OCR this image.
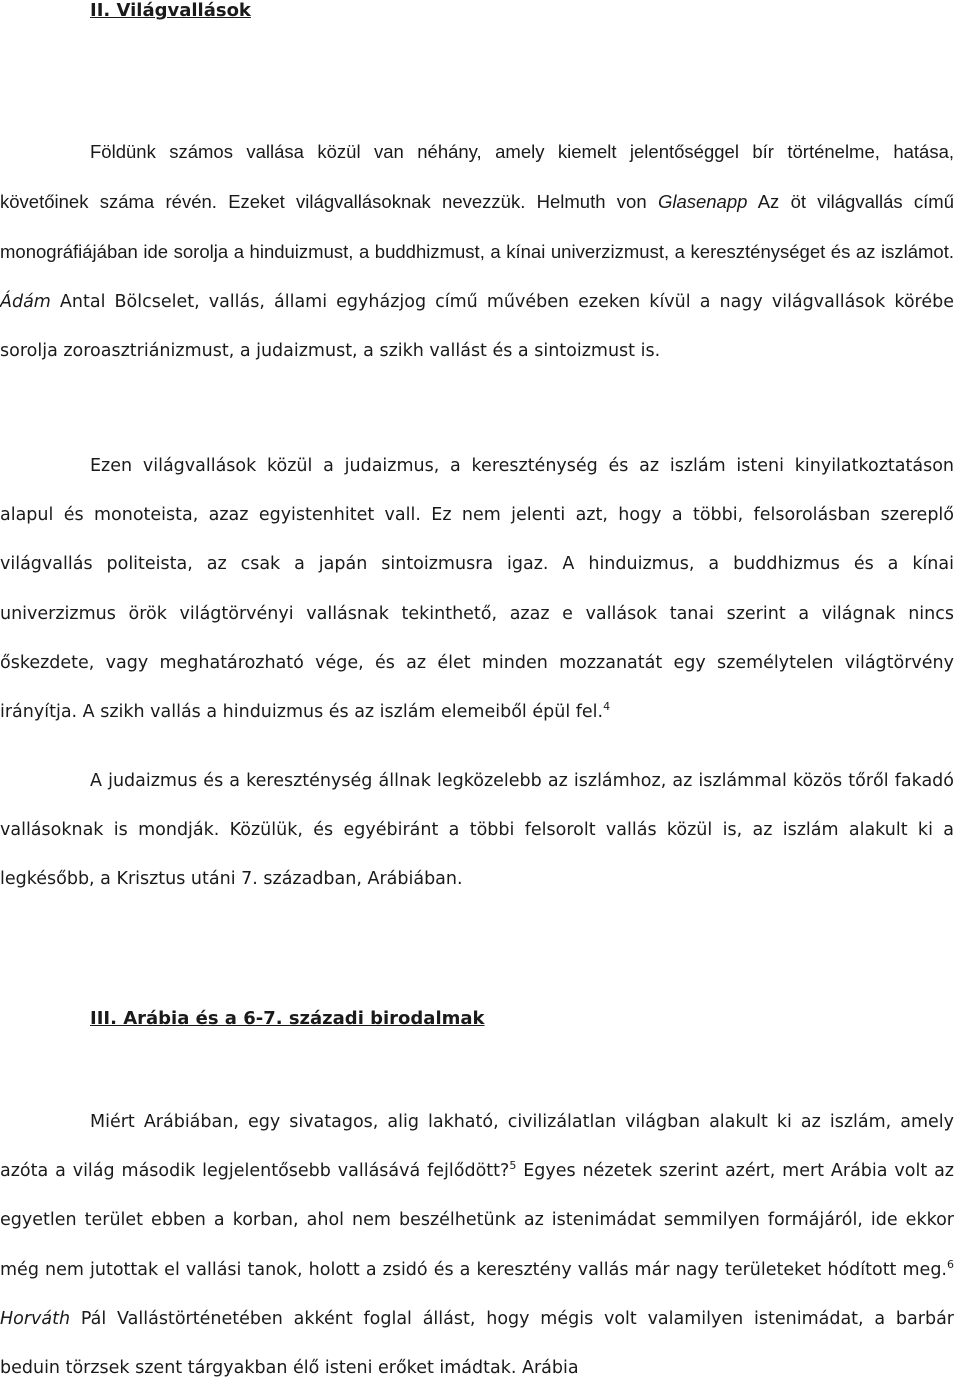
II. Világvallások

Földünk számos vallása közül van néhány, amely kiemelt jelentőséggel bír történelme, hatása, követőinek száma révén. Ezeket világvallásoknak nevezzük. Helmuth von Glasenapp Az öt világvallás című monográfiájában ide sorolja a hinduizmust, a buddhizmust, a kínai univerzizmust, a kereszténységet és az iszlámot. Ádám Antal Bölcselet, vallás, állami egyházjog című művében ezeken kívül a nagy világvallások körébe sorolja zoroasztriánizmust, a judaizmust, a szikh vallást és a sintoizmust is.

Ezen világvallások közül a judaizmus, a kereszténység és az iszlám isteni kinyilatkoztatáson alapul és monoteista, azaz egyistenhitet vall. Ez nem jelenti azt, hogy a többi, felsorolásban szereplő világvallás politeista, az csak a japán sintoizmusra igaz. A hinduizmus, a buddhizmus és a kínai univerzizmus örök világtörvényi vallásnak tekinthető, azaz e vallások tanai szerint a világnak nincs őskezdete, vagy meghatározható vége, és az élet minden mozzanatát egy személytelen világtörvény irányítja. A szikh vallás a hinduizmus és az iszlám elemeiből épül fel.$^4$

A judaizmus és a kereszténység állnak legközelebb az iszlámhoz, az iszlámmal közös tőről fakadó vallásoknak is mondják. Közülük, és egyébiránt a többi felsorolt vallás közül is, az iszlám alakult ki a legkésőbb, a Krisztus utáni 7. században, Arábiában.

III. Arábia és a 6-7. századi birodalmak

Miért Arábiában, egy sivatagos, alig lakható, civilizálatlan világban alakult ki az iszlám, amely azóta a világ második legjelentősebb vallásává fejlődött?$^5$ Egyes nézetek szerint azért, mert Arábia volt az egyetlen terület ebben a korban, ahol nem beszélhetünk az istenimádat semmilyen formájáról, ide ekkor még nem jutottak el vallási tanok, holott a zsidó és a keresztény vallás már nagy területeket hódított meg.$^6$ Horváth Pál Vallástörténetében akként foglal állást, hogy mégis volt valamilyen istenimádat, a barbár beduin törzsek szent tárgyakban élő isteni erőket imádtak. Arábia
